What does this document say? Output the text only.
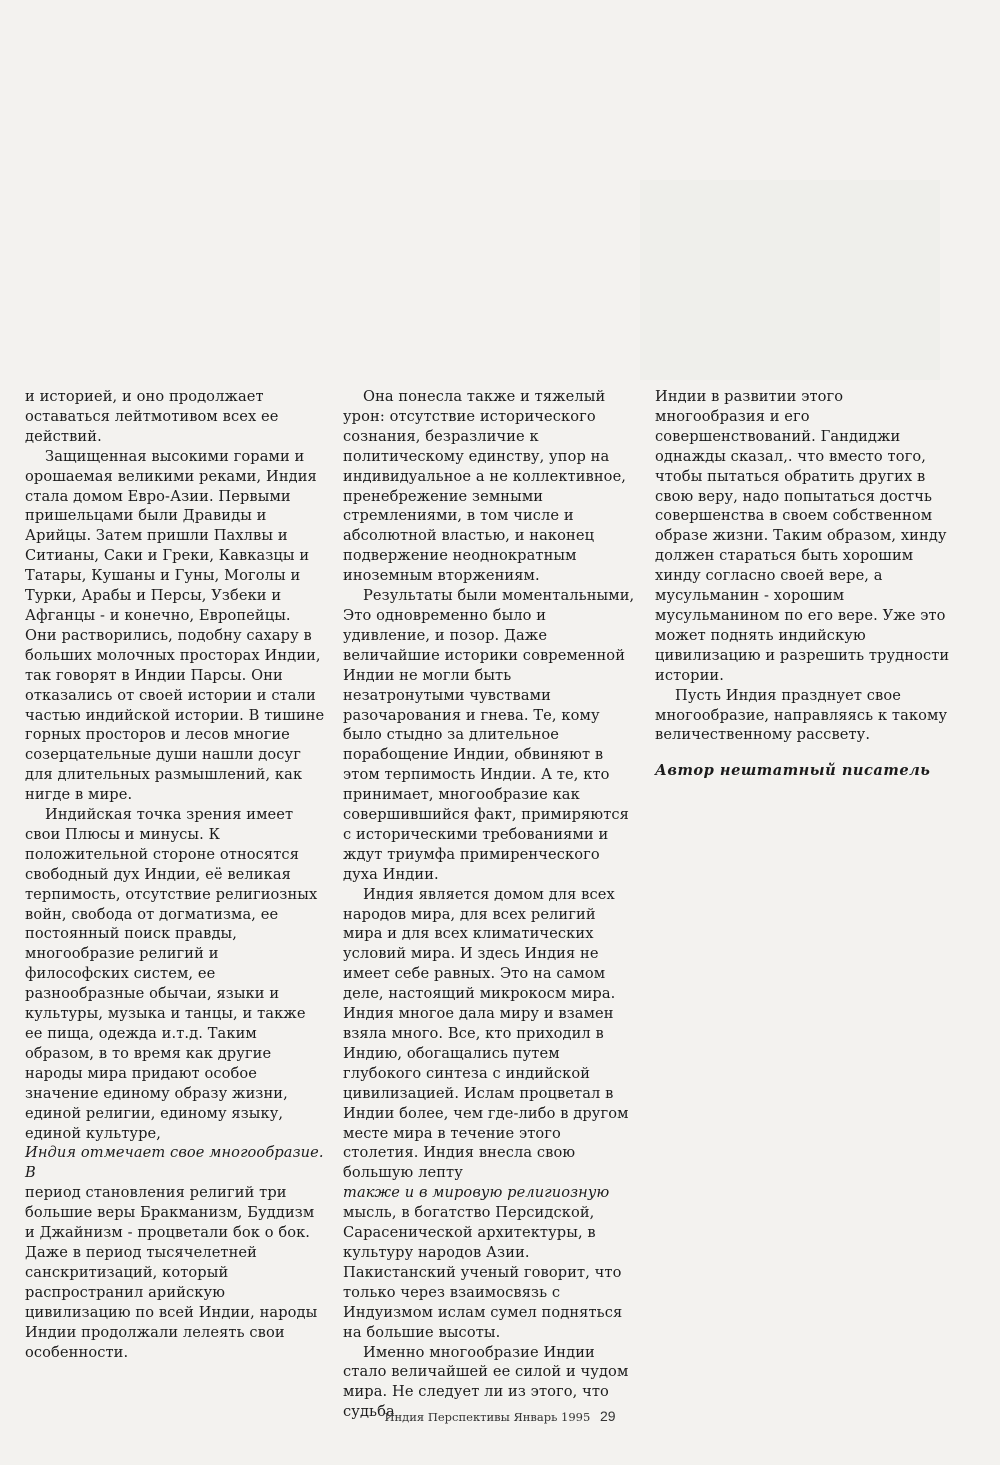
и историей, и оно продолжает оставаться лейтмотивом всех ее действий.

Защищенная высокими горами и орошаемая великими реками, Индия стала домом Евро-Азии. Первыми пришельцами были Дравиды и Арийцы. Затем пришли Пахлвы и Ситианы, Саки и Греки, Кавказцы и Татары, Кушаны и Гуны, Моголы и Турки, Арабы и Персы, Узбеки и Афганцы - и конечно, Европейцы. Они растворились, подобну сахару в больших молочных просторах Индии, так говорят в Индии Парсы. Они отказались от своей истории и стали частью индийской истории. В тишине горных просторов и лесов многие созерцательные души нашли досуг для длительных размышлений, как нигде в мире.

Индийская точка зрения имеет свои Плюсы и минусы. К положительной стороне относятся свободный дух Индии, её великая терпимость, отсутствие религиозных войн, свобода от догматизма, ее постоянный поиск правды, многообразие религий и философских систем, ее разнообразные обычаи, языки и культуры, музыка и танцы, и также ее пища, одежда и.т.д. Таким образом, в то время как другие народы мира придают особое значение единому образу жизни, единой религии, единому языку, единой культуре,

Индия отмечает свое многообразие. В

период становления религий три большие веры Бракманизм, Буддизм и Джайнизм - процветали бок о бок. Даже в период тысячелетней санскритизаций, который распространил арийскую цивилизацию по всей Индии, народы Индии продолжали лелеять свои особенности.

Она понесла также и тяжелый урон: отсутствие исторического сознания, безразличие к политическому единству, упор на индивидуальное а не коллективное, пренебрежение земными стремлениями, в том числе и абсолютной властью, и наконец подвержение неоднократным иноземным вторжениям.

Результаты были моментальными, Это одновременно было и удивление, и позор. Даже величайшие историки современной Индии не могли быть незатронутыми чувствами разочарования и гнева. Те, кому было стыдно за длительное порабощение Индии, обвиняют в этом терпимость Индии. А те, кто принимает, многообразие как совершившийся факт, примиряются с историческими требованиями и ждут триумфа примиренческого духа Индии.

Индия является домом для всех народов мира, для всех религий мира и для всех климатических условий мира. И здесь Индия не имеет себе равных. Это на самом деле, настоящий микрокосм мира. Индия многое дала миру и взамен взяла много. Все, кто приходил в Индию, обогащались путем глубокого синтеза с индийской цивилизацией. Ислам процветал в Индии более, чем где-либо в другом месте мира в течение этого столетия. Индия внесла свою большую лепту

также и в мировую религиозную

мысль, в богатство Персидской, Сарасенической архитектуры, в культуру народов Азии. Пакистанский ученый говорит, что только через взаимосвязь с Индуизмом ислам сумел подняться на большие высоты.

Именно многообразие Индии стало величайшей ее силой и чудом мира. Не следует ли из этого, что судьба

Индии в развитии этого многообразия и его совершенствований. Гандиджи однажды сказал,. что вместо того, чтобы пытаться обратить других в свою веру, надо попытаться достчь совершенства в своем собственном образе жизни. Таким образом, хинду должен стараться быть хорошим хинду согласно своей вере, а мусульманин - хорошим мусульманином по его вере. Уже это может поднять индийскую цивилизацию и разрешить трудности истории.

Пусть Индия празднует свое многообразие, направляясь к такому величественному рассвету.

Автор нештатный писатель

Индия Перспективы Январь 1995 29
